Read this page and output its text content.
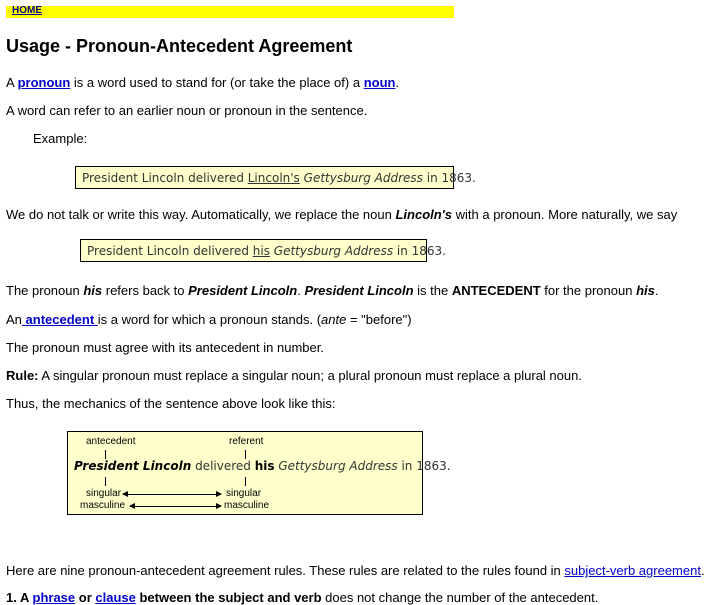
HOME
Usage - Pronoun-Antecedent Agreement
A pronoun is a word used to stand for (or take the place of) a noun.
A word can refer to an earlier noun or pronoun in the sentence.
Example:
President Lincoln delivered Lincoln's Gettysburg Address in 1863.
We do not talk or write this way. Automatically, we replace the noun Lincoln's with a pronoun. More naturally, we say
President Lincoln delivered his Gettysburg Address in 1863.
The pronoun his refers back to President Lincoln. President Lincoln is the ANTECEDENT for the pronoun his.
An antecedent is a word for which a pronoun stands. (ante = "before")
The pronoun must agree with its antecedent in number.
Rule: A singular pronoun must replace a singular noun; a plural pronoun must replace a plural noun.
Thus, the mechanics of the sentence above look like this:
antecedent	referent
President Lincoln delivered his Gettysburg Address in 1863.
singular	singular
masculine	masculine
Here are nine pronoun-antecedent agreement rules. These rules are related to the rules found in subject-verb agreement.
1. A phrase or clause between the subject and verb does not change the number of the antecedent.
